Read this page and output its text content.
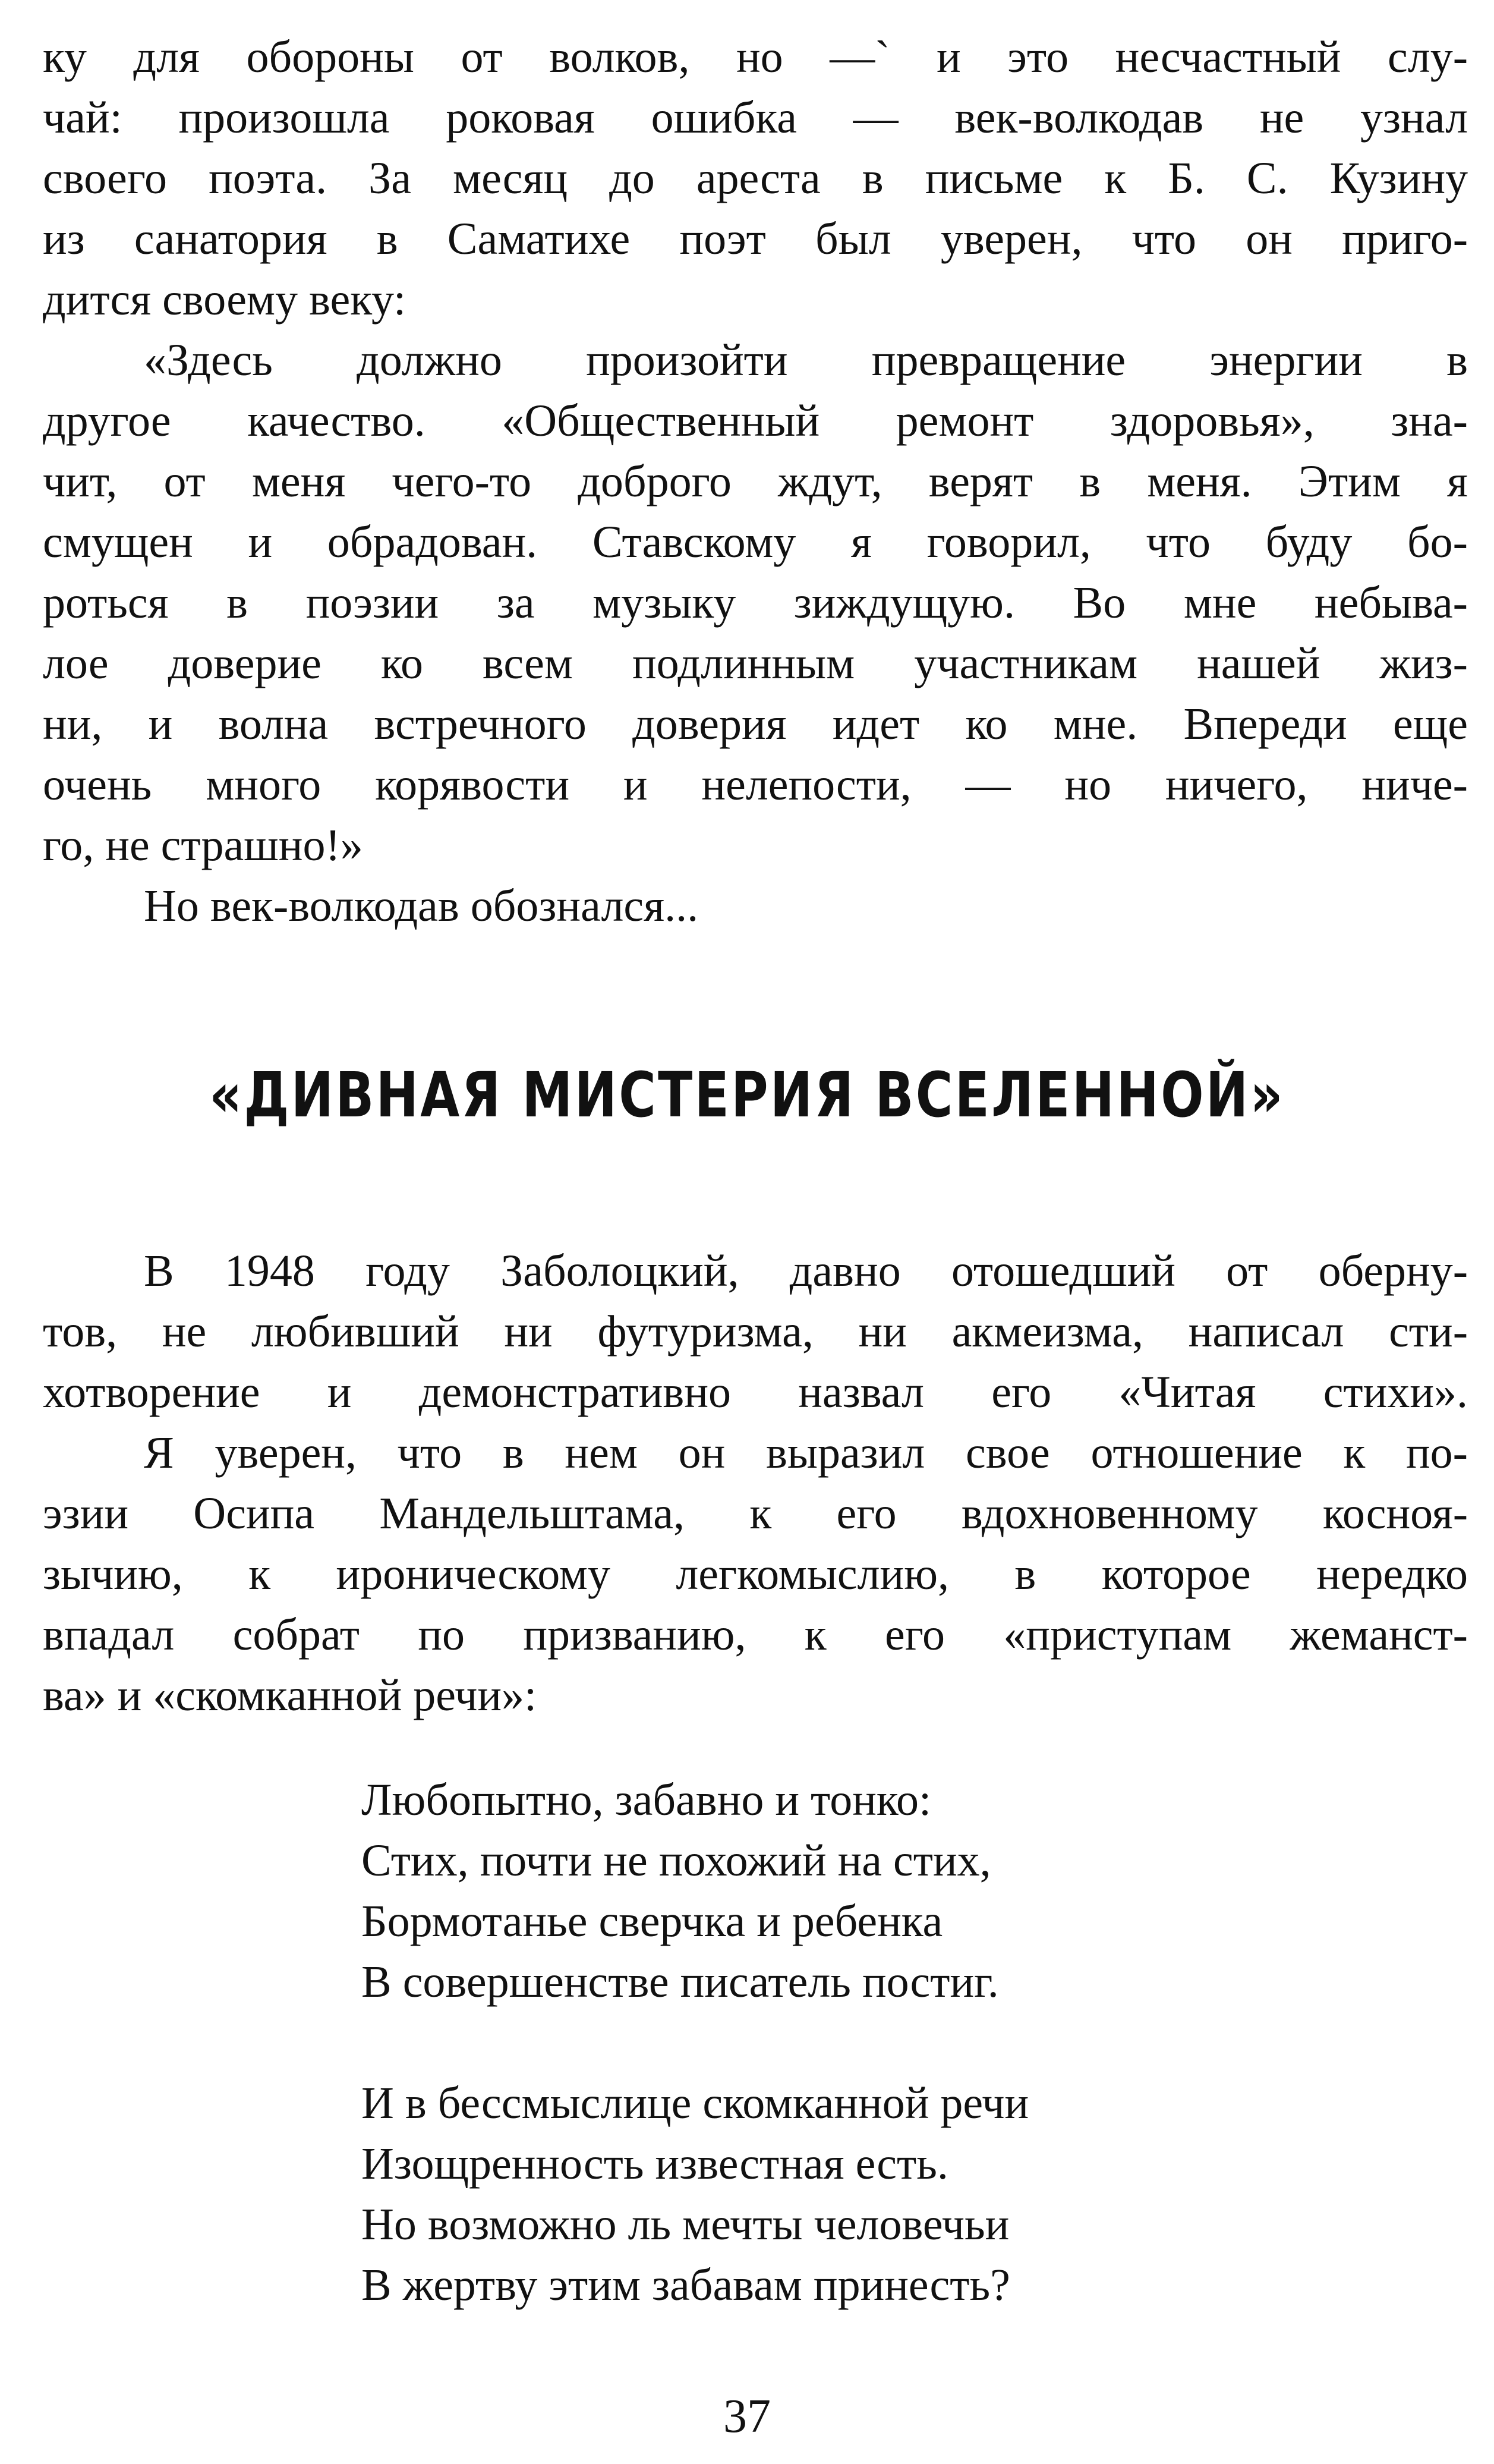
ку для обороны от волков, но —` и это несчастный слу-
чай: произошла роковая ошибка — век-волкодав не узнал
своего поэта. За месяц до ареста в письме к Б. С. Кузину
из санатория в Саматихе поэт был уверен, что он приго-
дится своему веку:
«Здесь должно произойти превращение энергии в
другое качество. «Общественный ремонт здоровья», зна-
чит, от меня чего-то доброго ждут, верят в меня. Этим я
смущен и обрадован. Ставскому я говорил, что буду бо-
роться в поэзии за музыку зиждущую. Во мне небыва-
лое доверие ко всем подлинным участникам нашей жиз-
ни, и волна встречного доверия идет ко мне. Впереди еще
очень много корявости и нелепости, — но ничего, ниче-
го, не страшно!»
Но век-волкодав обознался...
«ДИВНАЯ МИСТЕРИЯ ВСЕЛЕННОЙ»
В 1948 году Заболоцкий, давно отошедший от оберну-
тов, не любивший ни футуризма, ни акмеизма, написал сти-
хотворение и демонстративно назвал его «Читая стихи».
Я уверен, что в нем он выразил свое отношение к по-
эзии Осипа Мандельштама, к его вдохновенному косноя-
зычию, к ироническому легкомыслию, в которое нередко
впадал собрат по призванию, к его «приступам жеманст-
ва» и «скомканной речи»:
Любопытно, забавно и тонко:
Стих, почти не похожий на стих,
Бормотанье сверчка и ребенка
В совершенстве писатель постиг.
И в бессмыслице скомканной речи
Изощренность известная есть.
Но возможно ль мечты человечьи
В жертву этим забавам принесть?
37
